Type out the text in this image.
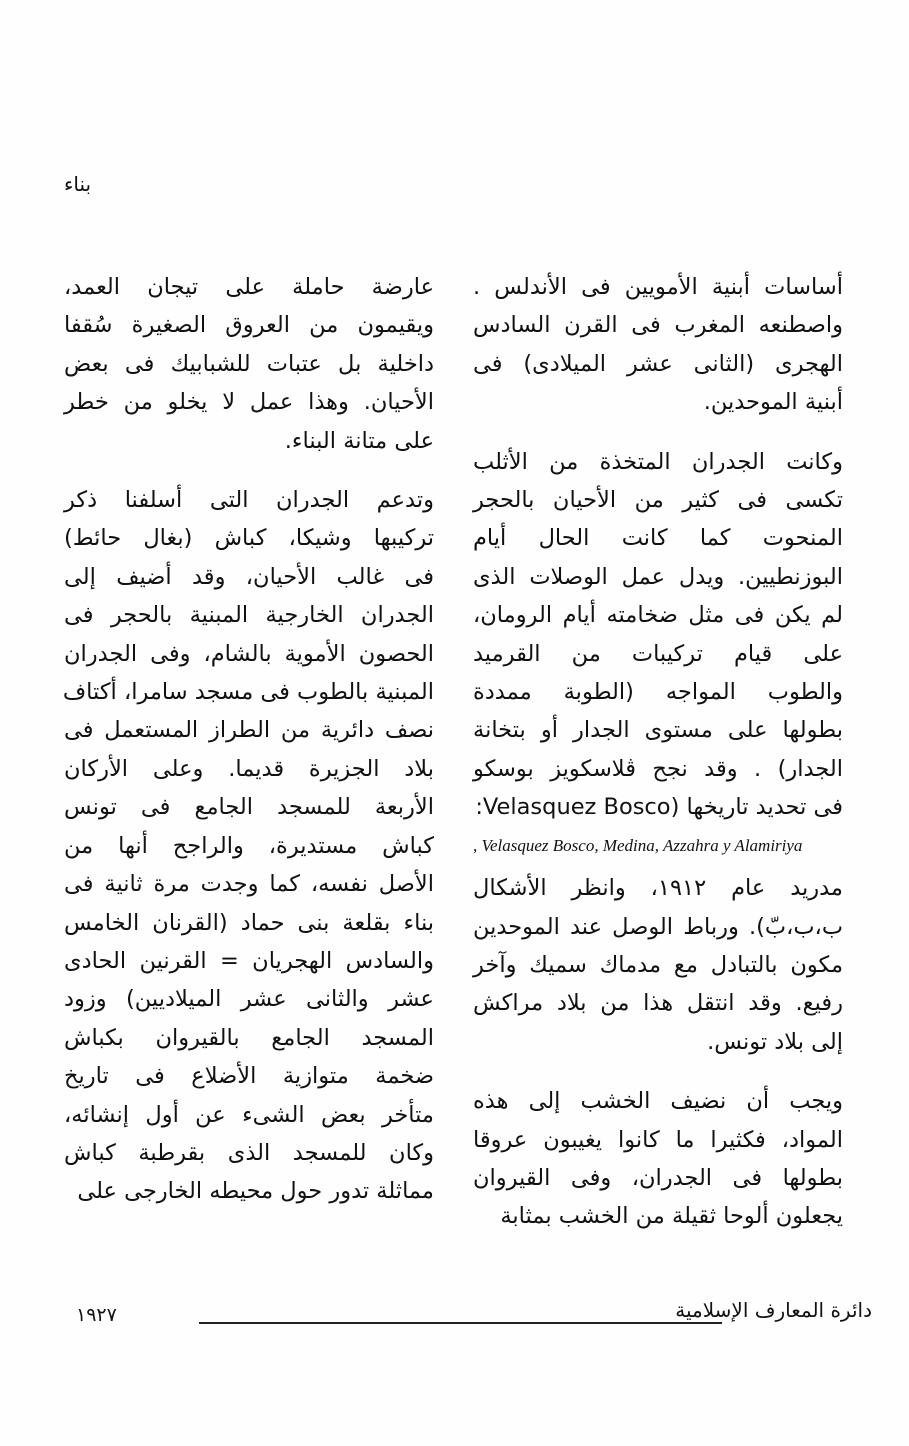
بناء

أساسات أبنية الأمويين فى الأندلس .
واصطنعه المغرب فى القرن السادس
الهجرى (الثانى عشر الميلادى) فى
أبنية الموحدين.

وكانت الجدران المتخذة من الأثلب
تكسى فى كثير من الأحيان بالحجر
المنحوت كما كانت الحال أيام
البوزنطيين. ويدل عمل الوصلات الذى
لم يكن فى مثل ضخامته أيام الرومان،
على قيام تركيبات من القرميد
والطوب المواجه (الطوبة ممددة
بطولها على مستوى الجدار أو بتخانة
الجدار) . وقد نجح ڤلاسكويز بوسكو
فى تحديد تاريخها (Velasquez Bosco:
, Velasquez Bosco, Medina, Azzahra y Alamiriya

مدريد عام ١٩١٢، وانظر الأشكال
ب،ب،بّ). ورباط الوصل عند الموحدين
مكون بالتبادل مع مدماك سميك وآخر
رفيع. وقد انتقل هذا من بلاد مراكش
إلى بلاد تونس.

ويجب أن نضيف الخشب إلى هذه
المواد، فكثيرا ما كانوا يغيبون عروقا
بطولها فى الجدران، وفى القيروان
يجعلون ألوحا ثقيلة من الخشب بمثابة

عارضة حاملة على تيجان العمد،
ويقيمون من العروق الصغيرة سُقفا
داخلية بل عتبات للشبابيك فى بعض
الأحيان. وهذا عمل لا يخلو من خطر
على متانة البناء.

وتدعم الجدران التى أسلفنا ذكر
تركيبها وشيكا، كباش (بغال حائط)
فى غالب الأحيان، وقد أضيف إلى
الجدران الخارجية المبنية بالحجر فى
الحصون الأموية بالشام، وفى الجدران
المبنية بالطوب فى مسجد سامرا، أكتاف
نصف دائرية من الطراز المستعمل فى
بلاد الجزيرة قديما. وعلى الأركان
الأربعة للمسجد الجامع فى تونس
كباش مستديرة، والراجح أنها من
الأصل نفسه، كما وجدت مرة ثانية فى
بناء بقلعة بنى حماد (القرنان الخامس
والسادس الهجريان = القرنين الحادى
عشر والثانى عشر الميلاديين) وزود
المسجد الجامع بالقيروان بكباش
ضخمة متوازية الأضلاع فى تاريخ
متأخر بعض الشىء عن أول إنشائه،
وكان للمسجد الذى بقرطبة كباش
مماثلة تدور حول محيطه الخارجى على

دائرة المعارف الإسلامية
١٩٢٧
